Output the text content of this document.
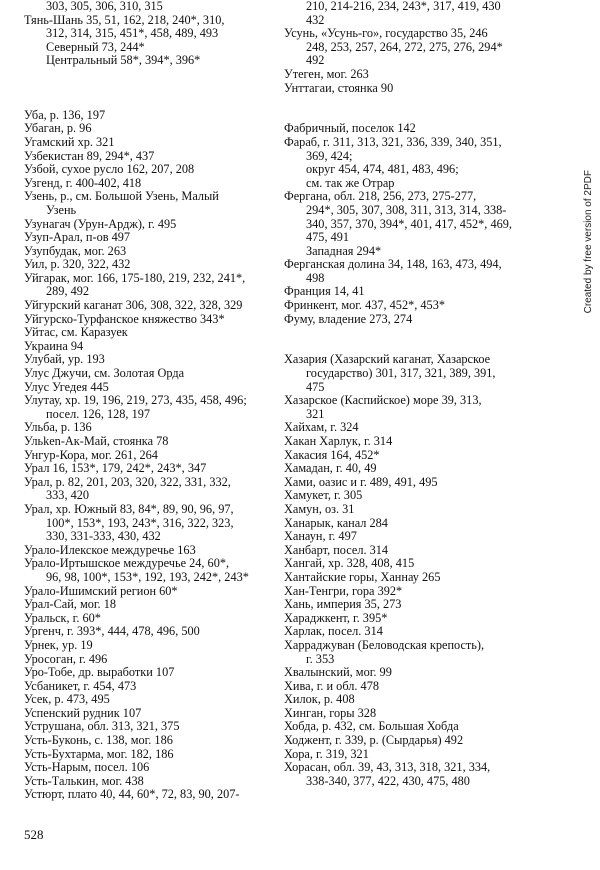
303, 305, 306, 310, 315
Тянь-Шань 35, 51, 162, 218, 240*, 310,
312, 314, 315, 451*, 458, 489, 493
Северный 73, 244*
Центральный 58*, 394*, 396*
Уба, р. 136, 197
Убаган, р. 96
Угамский хр. 321
Узбекистан 89, 294*, 437
Узбой, сухое русло 162, 207, 208
Узгенд, г. 400-402, 418
Узень, р., см. Большой Узень, Малый
Узень
Узунагач (Урун-Ардж), г. 495
Узуп-Арал, п-ов 497
Узупбудак, мог. 263
Уил, р. 320, 322, 432
Уйгарак, мог. 166, 175-180, 219, 232, 241*,
289, 492
Уйгурский каганат 306, 308, 322, 328, 329
Уйгурско-Турфанское княжество 343*
Уйтас, см. Каразуек
Украина 94
Улубай, ур. 193
Улус Джучи, см. Золотая Орда
Улус Угедея 445
Улутау, хр. 19, 196, 219, 273, 435, 458, 496;
посел. 126, 128, 197
Ульба, р. 136
Ульken-Ак-Май, стоянка 78
Унгур-Кора, мог. 261, 264
Урал 16, 153*, 179, 242*, 243*, 347
Урал, р. 82, 201, 203, 320, 322, 331, 332,
333, 420
Урал, хр. Южный 83, 84*, 89, 90, 96, 97,
100*, 153*, 193, 243*, 316, 322, 323,
330, 331-333, 430, 432
Урало-Илекское междуречье 163
Урало-Иртышское междуречье 24, 60*,
96, 98, 100*, 153*, 192, 193, 242*, 243*
Урало-Ишимский регион 60*
Урал-Сай, мог. 18
Уральск, г. 60*
Ургенч, г. 393*, 444, 478, 496, 500
Урнек, ур. 19
Уросоган, г. 496
Уро-Тобе, др. выработки 107
Усбаникет, г. 454, 473
Усек, р. 473, 495
Успенский рудник 107
Уструшана, обл. 313, 321, 375
Усть-Буконь, с. 138, мог. 186
Усть-Бухтарма, мог. 182, 186
Усть-Нарым, посел. 106
Усть-Талькин, мог. 438
Устюрт, плато 40, 44, 60*, 72, 83, 90, 207-
210, 214-216, 234, 243*, 317, 419, 430
432
Усунь, «Усунь-го», государство 35, 246
248, 253, 257, 264, 272, 275, 276, 294*
492
Утеген, мог. 263
Унттагаи, стоянка 90
Фабричный, поселок 142
Фараб, г. 311, 313, 321, 336, 339, 340, 351,
369, 424;
округ 454, 474, 481, 483, 496;
см. так же Отрар
Фергана, обл. 218, 256, 273, 275-277,
294*, 305, 307, 308, 311, 313, 314, 338-
340, 357, 370, 394*, 401, 417, 452*, 469,
475, 491
Западная 294*
Ферганская долина 34, 148, 163, 473, 494,
498
Франция 14, 41
Фринкент, мог. 437, 452*, 453*
Фуму, владение 273, 274
Хазария (Хазарский каганат, Хазарское
государство) 301, 317, 321, 389, 391,
475
Хазарское (Каспийское) море 39, 313,
321
Хайхам, г. 324
Хакан Харлук, г. 314
Хакасия 164, 452*
Хамадан, г. 40, 49
Хами, оазис и г. 489, 491, 495
Хамукет, г. 305
Хамун, оз. 31
Ханарык, канал 284
Ханаун, г. 497
Ханбарт, посел. 314
Хангай, хр. 328, 408, 415
Хантайские горы, Ханнау 265
Хан-Тенгри, гора 392*
Хань, империя 35, 273
Хараджкент, г. 395*
Харлак, посел. 314
Харраджуван (Беловодская крепость),
г. 353
Хвалынский, мог. 99
Хива, г. и обл. 478
Хилок, р. 408
Хинган, горы 328
Хобда, р. 432, см. Большая Хобда
Ходжент, г. 339, р. (Сырдарья) 492
Хора, г. 319, 321
Хорасан, обл. 39, 43, 313, 318, 321, 334,
338-340, 377, 422, 430, 475, 480
528
Created by free version of 2PDF
